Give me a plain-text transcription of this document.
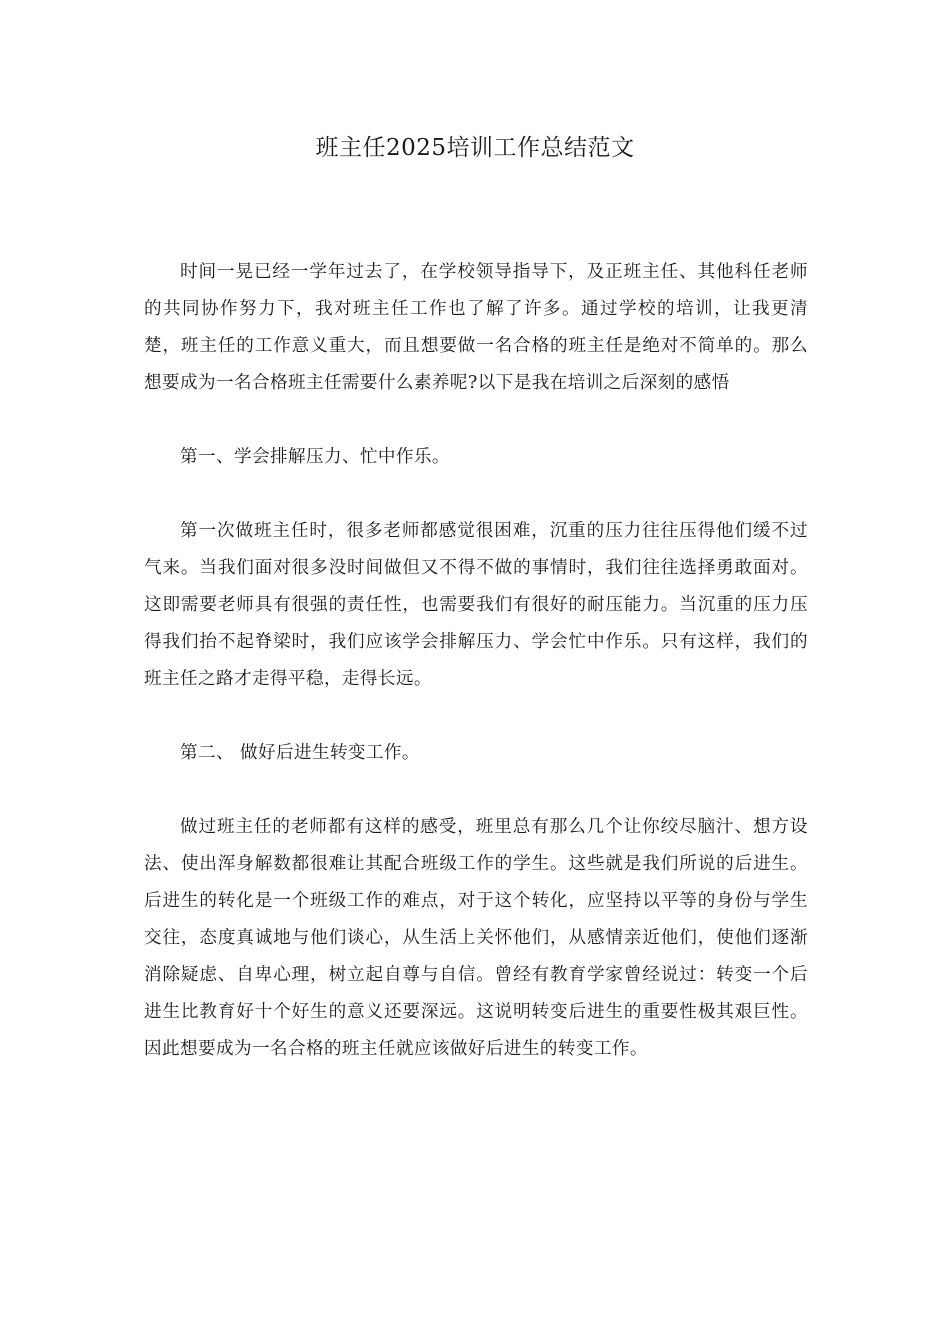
班主任2025培训工作总结范文

时间一晃已经一学年过去了，在学校领导指导下，及正班主任、其他科任老师的共同协作努力下，我对班主任工作也了解了许多。通过学校的培训，让我更清楚，班主任的工作意义重大，而且想要做一名合格的班主任是绝对不简单的。那么想要成为一名合格班主任需要什么素养呢?以下是我在培训之后深刻的感悟

第一、学会排解压力、忙中作乐。

第一次做班主任时，很多老师都感觉很困难，沉重的压力往往压得他们缓不过气来。当我们面对很多没时间做但又不得不做的事情时，我们往往选择勇敢面对。这即需要老师具有很强的责任性，也需要我们有很好的耐压能力。当沉重的压力压得我们抬不起脊梁时，我们应该学会排解压力、学会忙中作乐。只有这样，我们的班主任之路才走得平稳，走得长远。

第二、 做好后进生转变工作。

做过班主任的老师都有这样的感受，班里总有那么几个让你绞尽脑汁、想方设法、使出浑身解数都很难让其配合班级工作的学生。这些就是我们所说的后进生。后进生的转化是一个班级工作的难点，对于这个转化，应坚持以平等的身份与学生交往，态度真诚地与他们谈心，从生活上关怀他们，从感情亲近他们，使他们逐渐消除疑虑、自卑心理，树立起自尊与自信。曾经有教育学家曾经说过：转变一个后进生比教育好十个好生的意义还要深远。这说明转变后进生的重要性极其艰巨性。因此想要成为一名合格的班主任就应该做好后进生的转变工作。
